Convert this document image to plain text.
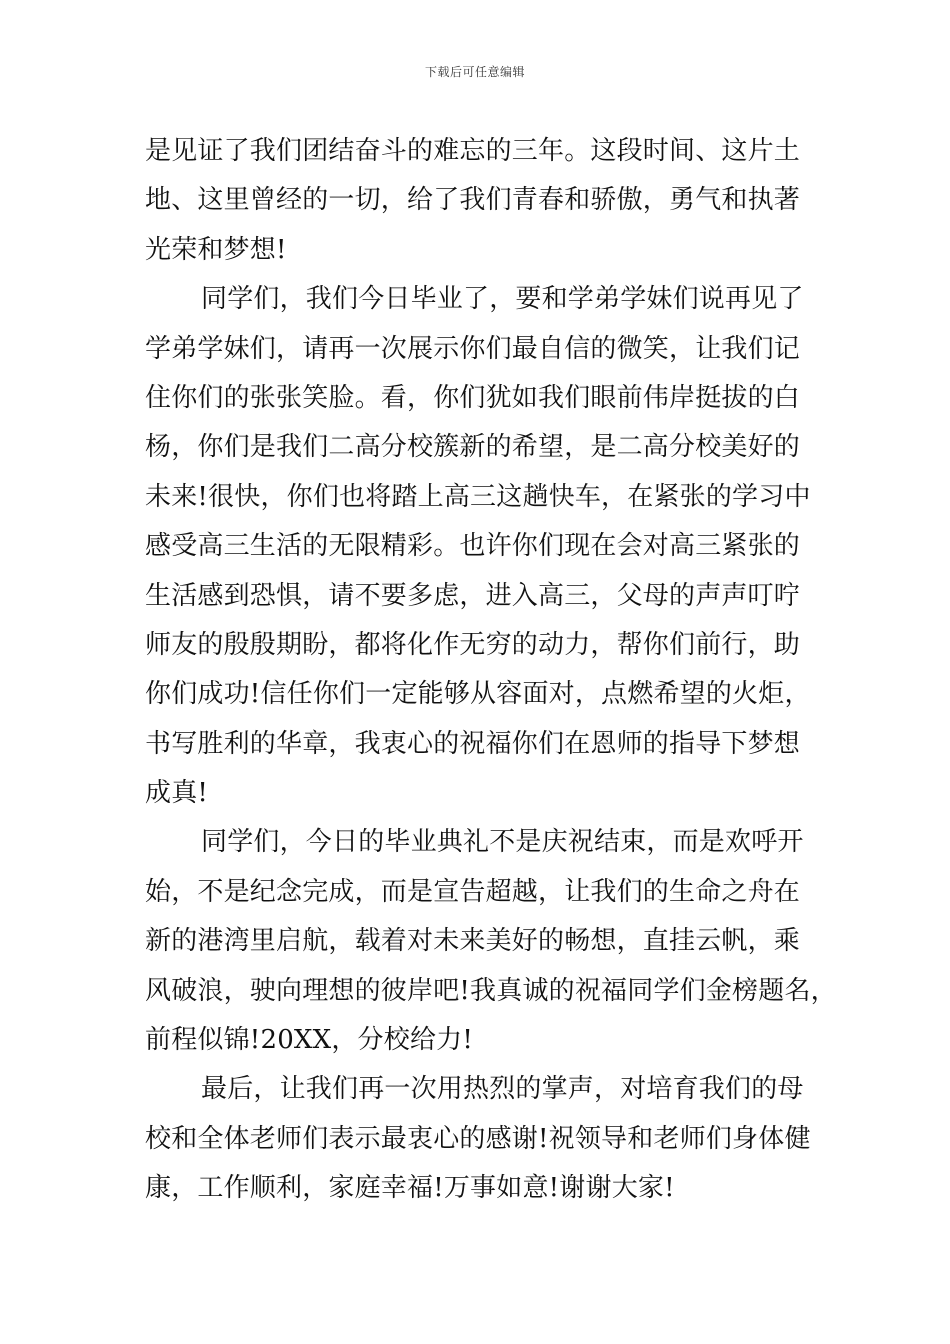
下载后可任意编辑
是见证了我们团结奋斗的难忘的三年。这段时间、这片土
地、这里曾经的一切，给了我们青春和骄傲，勇气和执著
光荣和梦想!
同学们，我们今日毕业了，要和学弟学妹们说再见了
学弟学妹们，请再一次展示你们最自信的微笑，让我们记
住你们的张张笑脸。看，你们犹如我们眼前伟岸挺拔的白
杨，你们是我们二高分校簇新的希望，是二高分校美好的
未来!很快，你们也将踏上高三这趟快车，在紧张的学习中
感受高三生活的无限精彩。也许你们现在会对高三紧张的
生活感到恐惧，请不要多虑，进入高三，父母的声声叮咛
师友的殷殷期盼，都将化作无穷的动力，帮你们前行，助
你们成功!信任你们一定能够从容面对，点燃希望的火炬，
书写胜利的华章，我衷心的祝福你们在恩师的指导下梦想
成真!
同学们，今日的毕业典礼不是庆祝结束，而是欢呼开
始，不是纪念完成，而是宣告超越，让我们的生命之舟在
新的港湾里启航，载着对未来美好的畅想，直挂云帆，乘
风破浪，驶向理想的彼岸吧!我真诚的祝福同学们金榜题名，
前程似锦!20XX，分校给力!
最后，让我们再一次用热烈的掌声，对培育我们的母
校和全体老师们表示最衷心的感谢!祝领导和老师们身体健
康，工作顺利，家庭幸福!万事如意!谢谢大家!
